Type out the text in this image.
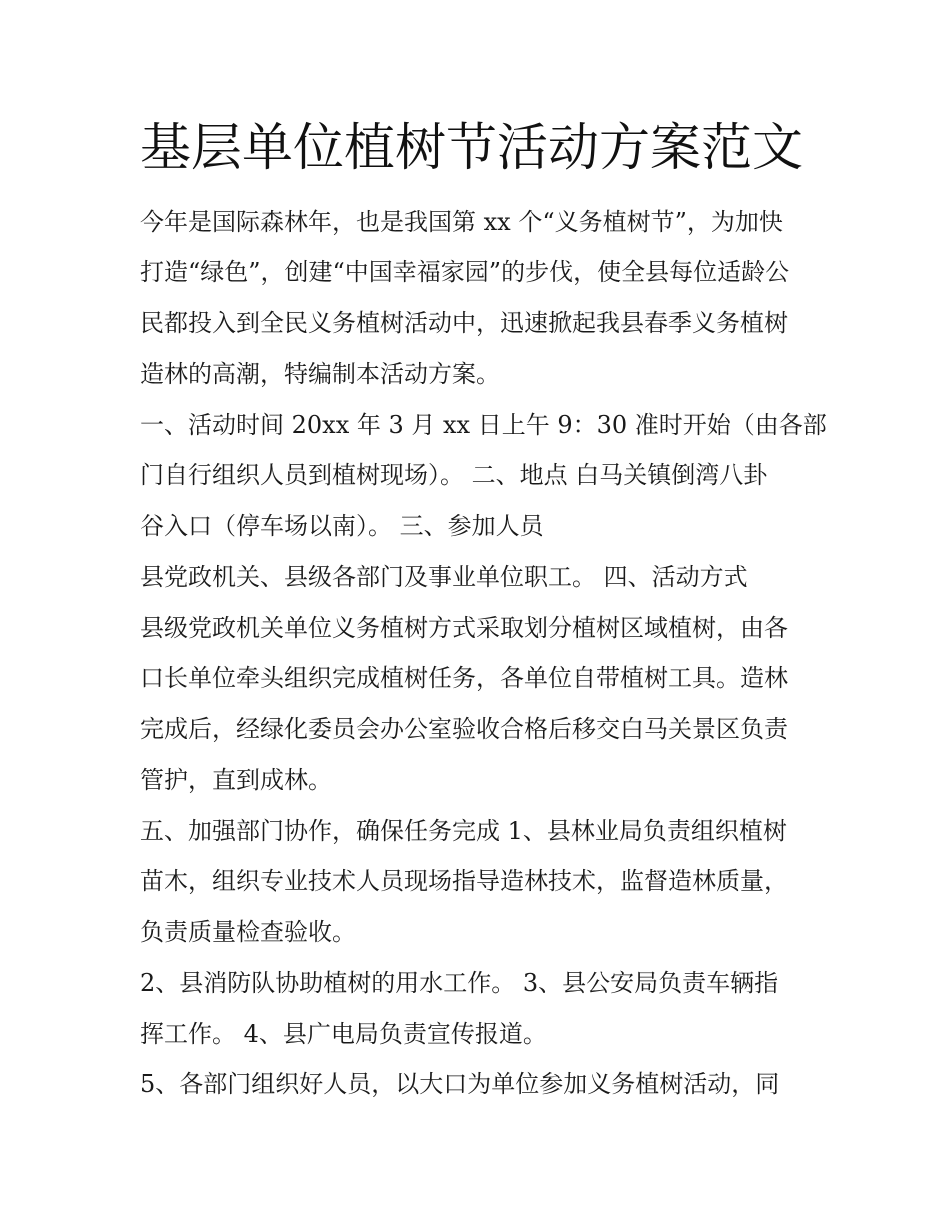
基层单位植树节活动方案范文

今年是国际森林年，也是我国第 xx 个“义务植树节”，为加快

打造“绿色”，创建“中国幸福家园”的步伐，使全县每位适龄公

民都投入到全民义务植树活动中，迅速掀起我县春季义务植树

造林的高潮，特编制本活动方案。

一、活动时间 20xx 年 3 月 xx 日上午 9：30 准时开始（由各部

门自行组织人员到植树现场）。 二、地点 白马关镇倒湾八卦

谷入口（停车场以南）。 三、参加人员

县党政机关、县级各部门及事业单位职工。 四、活动方式

县级党政机关单位义务植树方式采取划分植树区域植树，由各

口长单位牵头组织完成植树任务，各单位自带植树工具。造林

完成后，经绿化委员会办公室验收合格后移交白马关景区负责

管护，直到成林。

五、加强部门协作，确保任务完成 1、县林业局负责组织植树

苗木，组织专业技术人员现场指导造林技术，监督造林质量，

负责质量检查验收。

2、县消防队协助植树的用水工作。 3、县公安局负责车辆指

挥工作。 4、县广电局负责宣传报道。

5、各部门组织好人员，以大口为单位参加义务植树活动，同
